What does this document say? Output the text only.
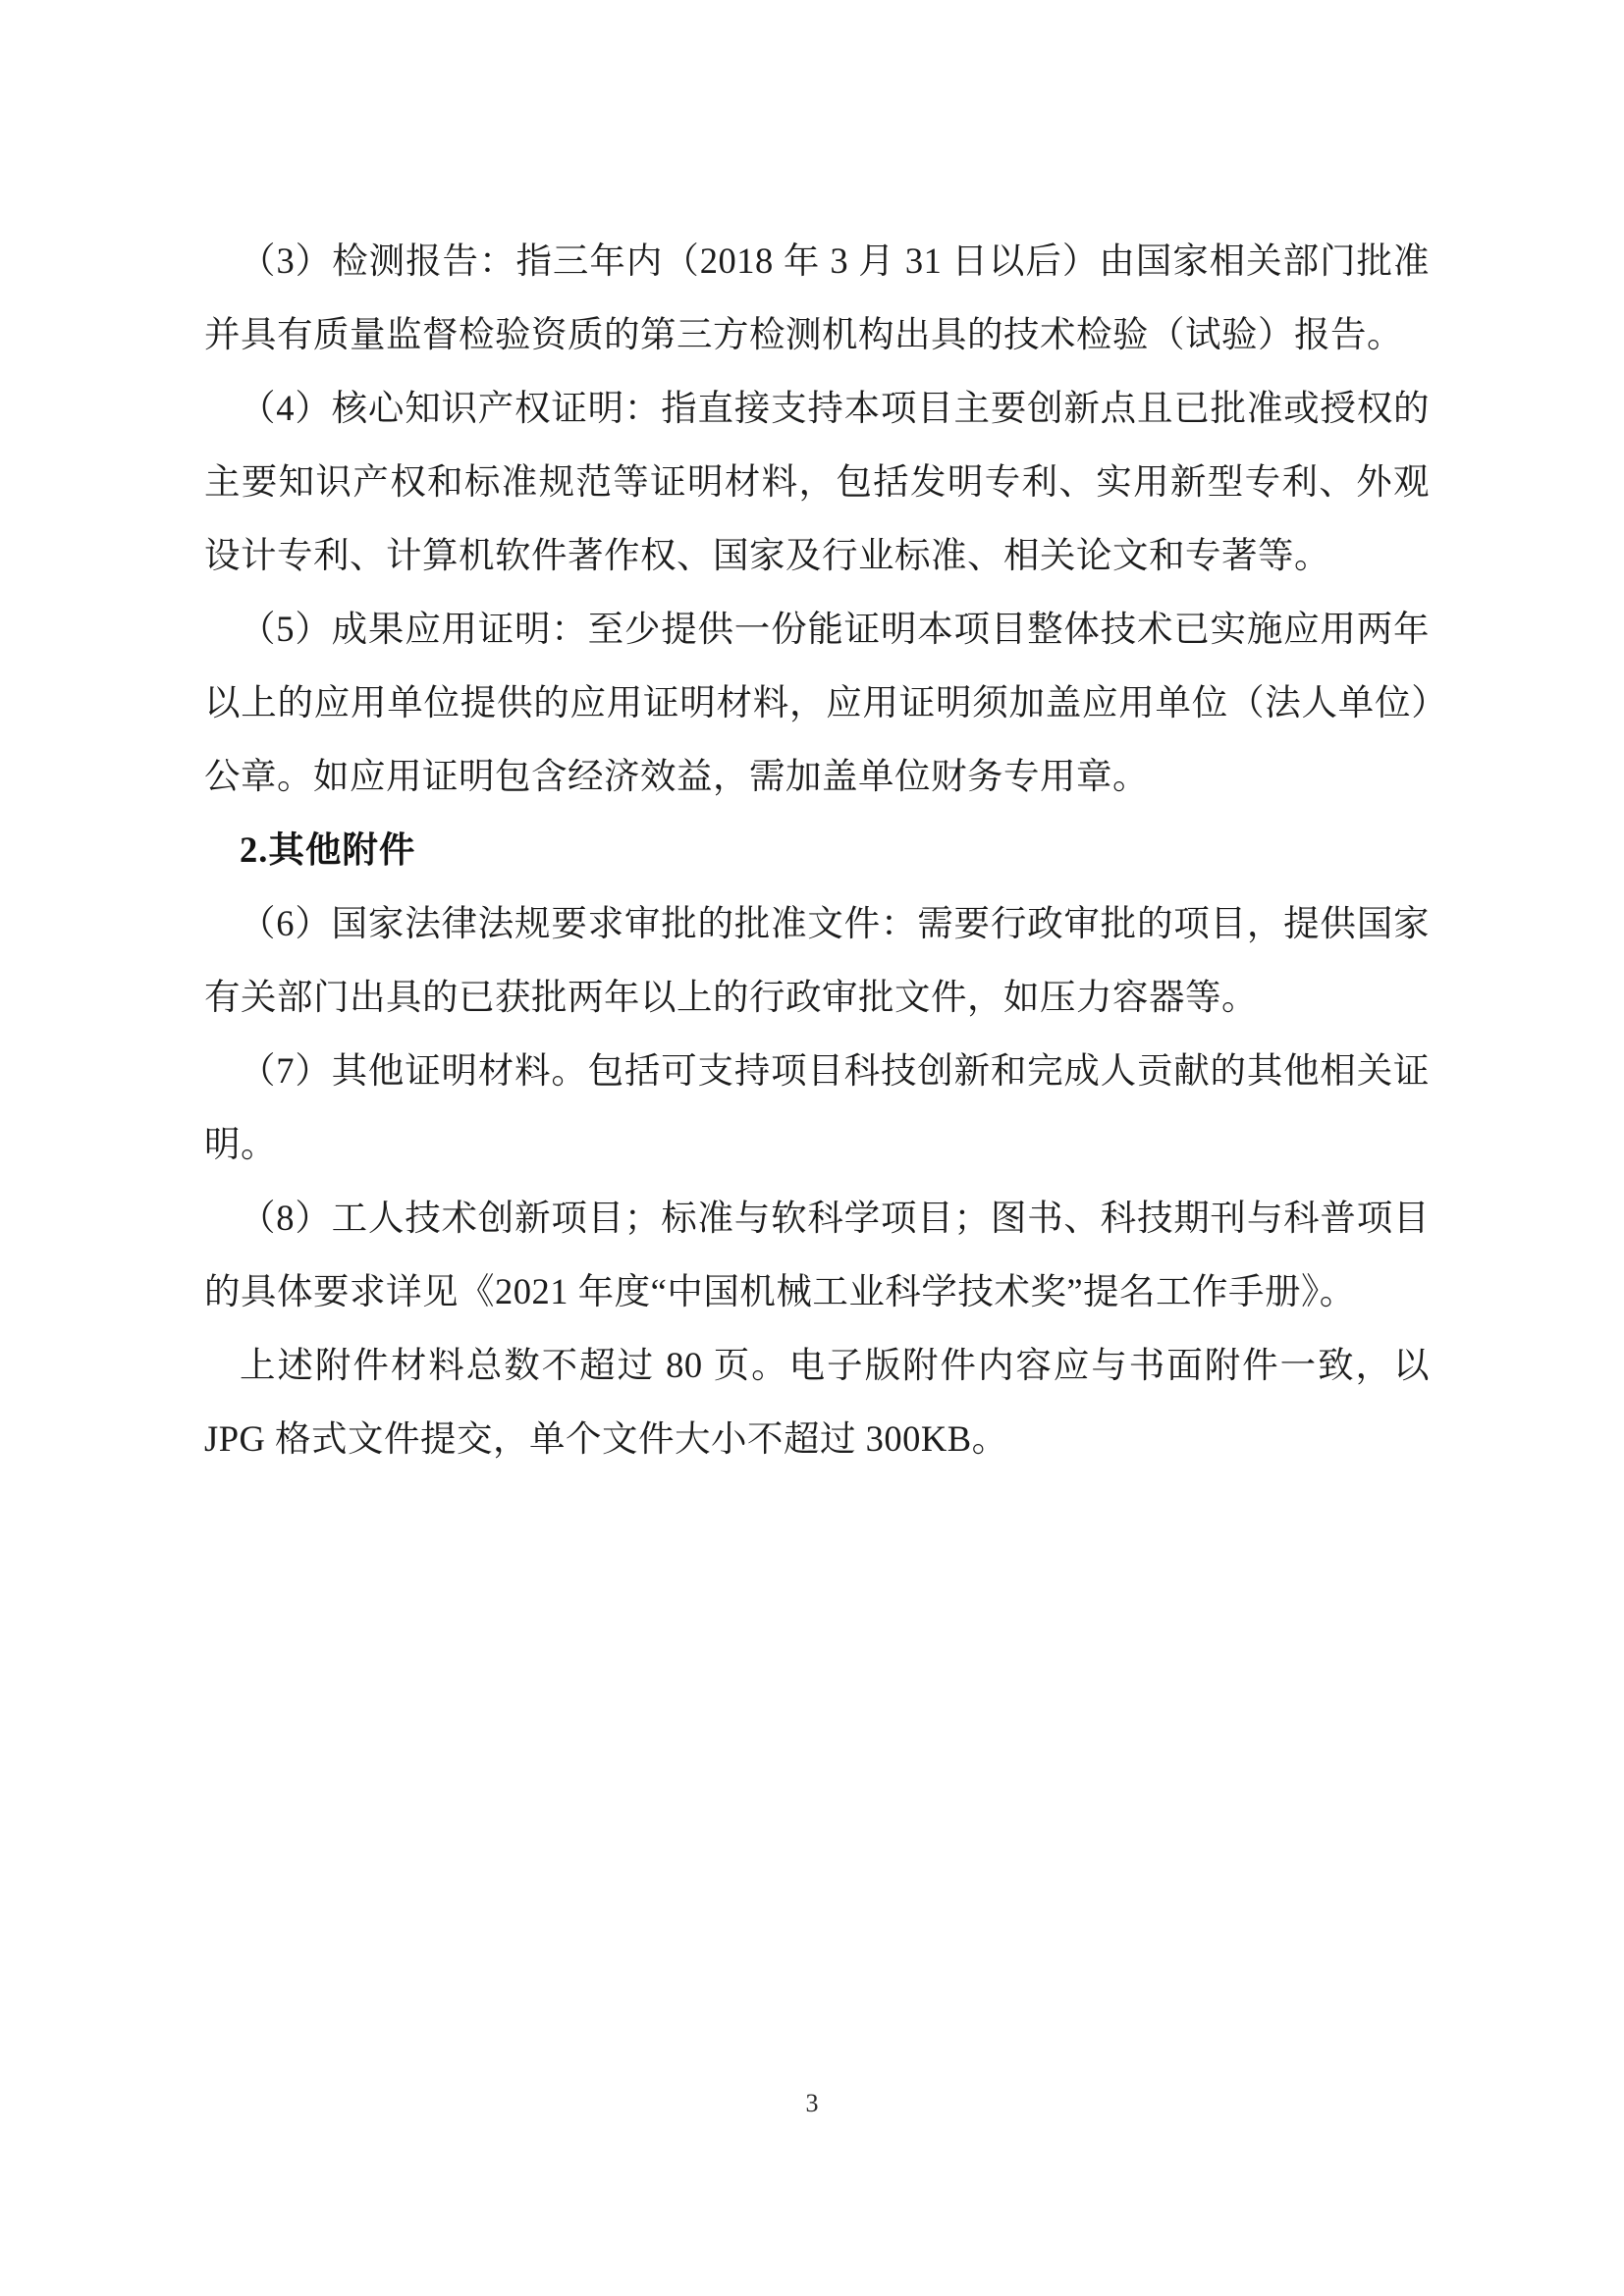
（3）检测报告：指三年内（2018 年 3 月 31 日以后）由国家相关部门批准并具有质量监督检验资质的第三方检测机构出具的技术检验（试验）报告。

（4）核心知识产权证明：指直接支持本项目主要创新点且已批准或授权的主要知识产权和标准规范等证明材料，包括发明专利、实用新型专利、外观设计专利、计算机软件著作权、国家及行业标准、相关论文和专著等。

（5）成果应用证明：至少提供一份能证明本项目整体技术已实施应用两年以上的应用单位提供的应用证明材料，应用证明须加盖应用单位（法人单位）公章。如应用证明包含经济效益，需加盖单位财务专用章。

2.其他附件

（6）国家法律法规要求审批的批准文件：需要行政审批的项目，提供国家有关部门出具的已获批两年以上的行政审批文件，如压力容器等。

（7）其他证明材料。包括可支持项目科技创新和完成人贡献的其他相关证明。

（8）工人技术创新项目；标准与软科学项目；图书、科技期刊与科普项目的具体要求详见《2021 年度“中国机械工业科学技术奖”提名工作手册》。

上述附件材料总数不超过 80 页。电子版附件内容应与书面附件一致，以 JPG 格式文件提交，单个文件大小不超过 300KB。

3
